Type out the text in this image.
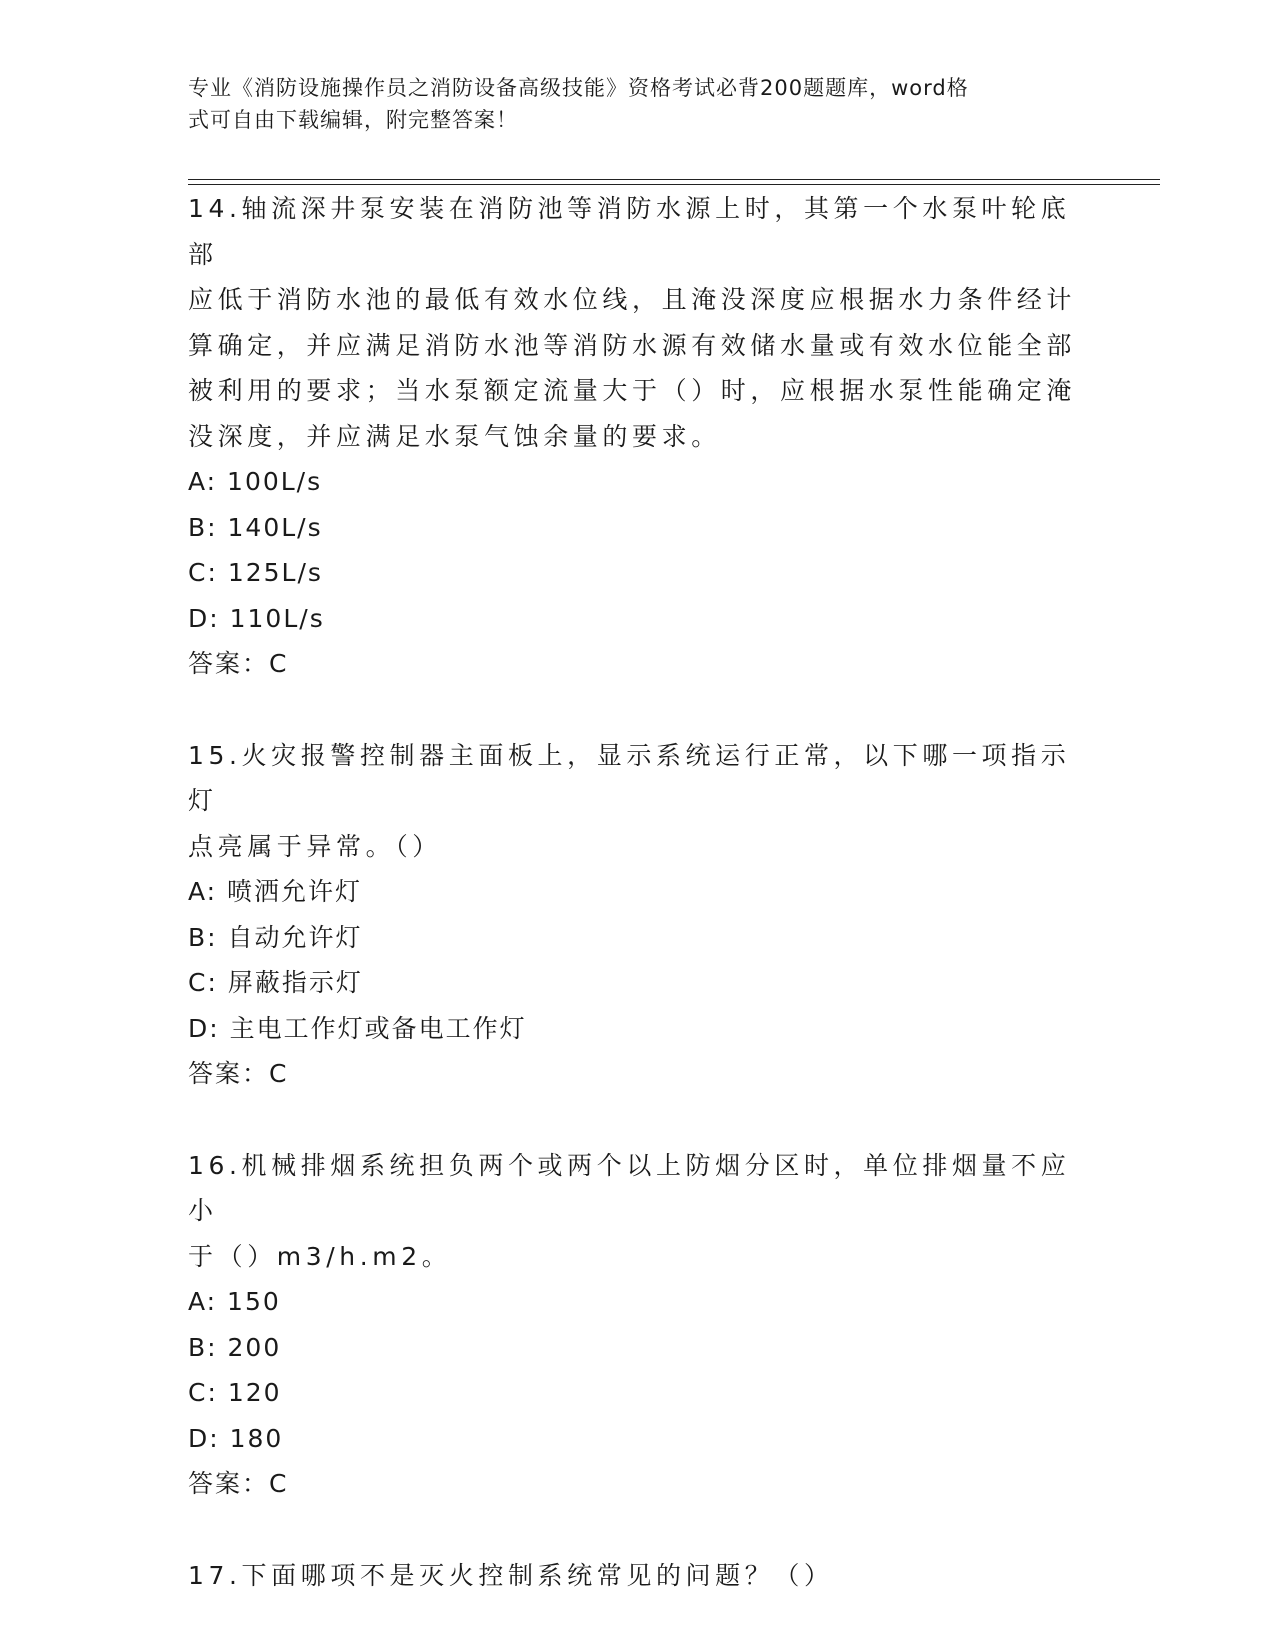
专业《消防设施操作员之消防设备高级技能》资格考试必背200题题库，word格
式可自由下载编辑，附完整答案！

14.轴流深井泵安装在消防池等消防水源上时，其第一个水泵叶轮底部

应低于消防水池的最低有效水位线，且淹没深度应根据水力条件经计

算确定，并应满足消防水池等消防水源有效储水量或有效水位能全部

被利用的要求；当水泵额定流量大于（）时，应根据水泵性能确定淹

没深度，并应满足水泵气蚀余量的要求。

A: 100L/s

B: 140L/s

C: 125L/s

D: 110L/s

答案：C

15.火灾报警控制器主面板上，显示系统运行正常，以下哪一项指示灯

点亮属于异常。（）

A: 喷洒允许灯

B: 自动允许灯

C: 屏蔽指示灯

D: 主电工作灯或备电工作灯

答案：C

16.机械排烟系统担负两个或两个以上防烟分区时，单位排烟量不应小

于（）m3/h.m2。

A: 150

B: 200

C: 120

D: 180

答案：C

17.下面哪项不是灭火控制系统常见的问题？（）
